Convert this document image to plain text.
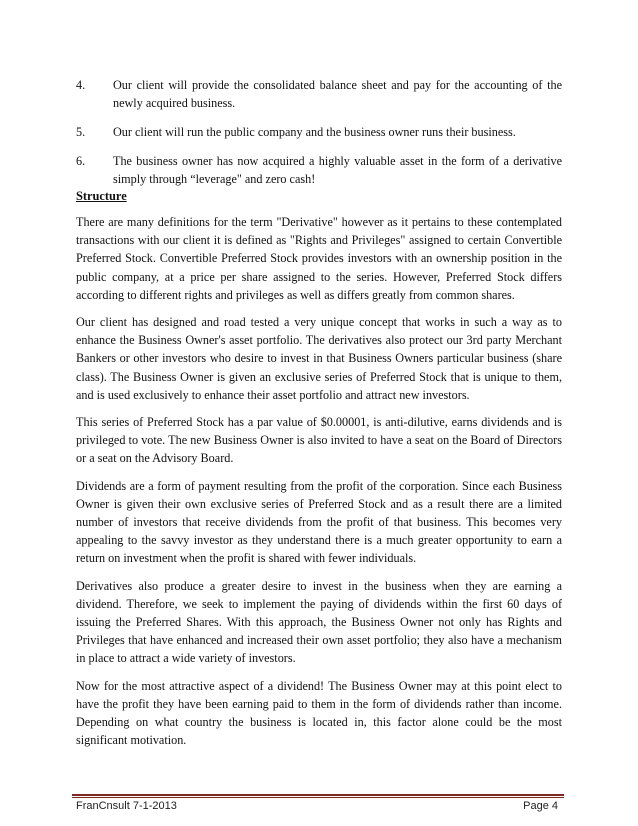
4.	Our client will provide the consolidated balance sheet and pay for the accounting of the newly acquired business.
5.	Our client will run the public company and the business owner runs their business.
6.	The business owner has now acquired a highly valuable asset in the form of a derivative simply through “leverage" and zero cash!
Structure

There are many definitions for the term "Derivative" however as it pertains to these contemplated transactions with our client it is defined as "Rights and Privileges" assigned to certain Convertible Preferred Stock. Convertible Preferred Stock provides investors with an ownership position in the public company, at a price per share assigned to the series. However, Preferred Stock differs according to different rights and privileges as well as differs greatly from common shares.

Our client has designed and road tested a very unique concept that works in such a way as to enhance the Business Owner's asset portfolio. The derivatives also protect our 3rd party Merchant Bankers or other investors who desire to invest in that Business Owners particular business (share class). The Business Owner is given an exclusive series of Preferred Stock that is unique to them, and is used exclusively to enhance their asset portfolio and attract new investors.

This series of Preferred Stock has a par value of $0.00001, is anti-dilutive, earns dividends and is privileged to vote. The new Business Owner is also invited to have a seat on the Board of Directors or a seat on the Advisory Board.

Dividends are a form of payment resulting from the profit of the corporation. Since each Business Owner is given their own exclusive series of Preferred Stock and as a result there are a limited number of investors that receive dividends from the profit of that business. This becomes very appealing to the savvy investor as they understand there is a much greater opportunity to earn a return on investment when the profit is shared with fewer individuals.

Derivatives also produce a greater desire to invest in the business when they are earning a dividend. Therefore, we seek to implement the paying of dividends within the first 60 days of issuing the Preferred Shares. With this approach, the Business Owner not only has Rights and Privileges that have enhanced and increased their own asset portfolio; they also have a mechanism in place to attract a wide variety of investors.

Now for the most attractive aspect of a dividend! The Business Owner may at this point elect to have the profit they have been earning paid to them in the form of dividends rather than income. Depending on what country the business is located in, this factor alone could be the most significant motivation.

FranCnsult 7-1-2013	Page 4
